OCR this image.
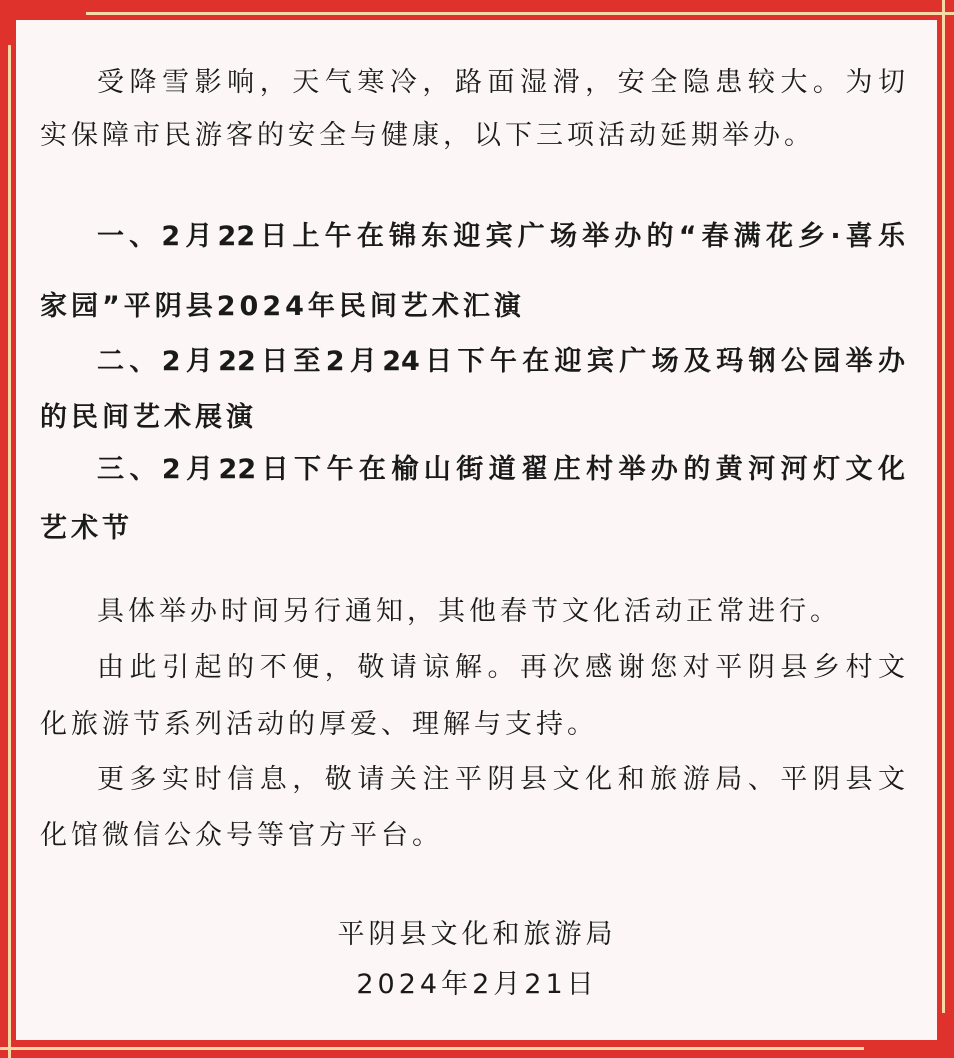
受降雪影响，天气寒冷，路面湿滑，安全隐患较大。为切
实保障市民游客的安全与健康，以下三项活动延期举办。
一、2月22日上午在锦东迎宾广场举办的“春满花乡·喜乐
家园”平阴县2024年民间艺术汇演
二、2月22日至2月24日下午在迎宾广场及玛钢公园举办
的民间艺术展演
三、2月22日下午在榆山街道翟庄村举办的黄河河灯文化
艺术节
具体举办时间另行通知，其他春节文化活动正常进行。
由此引起的不便，敬请谅解。再次感谢您对平阴县乡村文
化旅游节系列活动的厚爱、理解与支持。
更多实时信息，敬请关注平阴县文化和旅游局、平阴县文
化馆微信公众号等官方平台。
平阴县文化和旅游局
2024年2月21日
